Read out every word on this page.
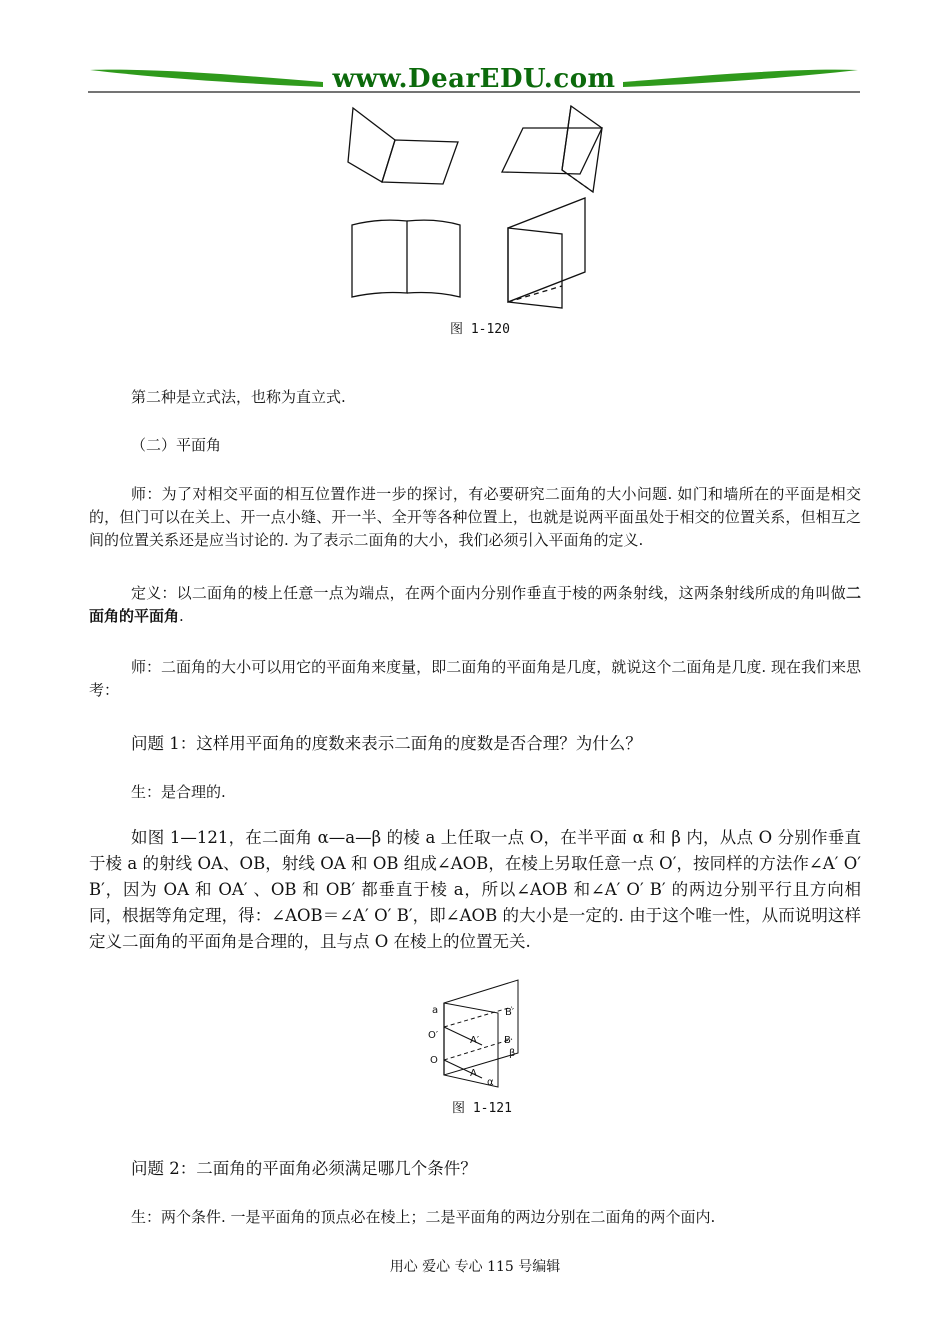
www.DearEDU.com
图 1-120
第二种是立式法，也称为直立式.
（二）平面角
师：为了对相交平面的相互位置作进一步的探讨，有必要研究二面角的大小问题. 如门和墙所在的平面是相交的，但门可以在关上、开一点小缝、开一半、全开等各种位置上，也就是说两平面虽处于相交的位置关系，但相互之间的位置关系还是应当讨论的. 为了表示二面角的大小，我们必须引入平面角的定义.
定义：以二面角的棱上任意一点为端点，在两个面内分别作垂直于棱的两条射线，这两条射线所成的角叫做二面角的平面角.
师：二面角的大小可以用它的平面角来度量，即二面角的平面角是几度，就说这个二面角是几度. 现在我们来思考：
问题 1：这样用平面角的度数来表示二面角的度数是否合理？为什么？
生：是合理的.
如图 1—121，在二面角 α—a—β 的棱 a 上任取一点 O，在半平面 α 和 β 内，从点 O 分别作垂直于棱 a 的射线 OA、OB，射线 OA 和 OB 组成∠AOB，在棱上另取任意一点 O′，按同样的方法作∠A′ O′ B′，因为 OA 和 OA′ 、OB 和 OB′ 都垂直于棱 a，所以∠AOB 和∠A′ O′ B′ 的两边分别平行且方向相同，根据等角定理，得：∠AOB＝∠A′ O′ B′，即∠AOB 的大小是一定的. 由于这个唯一性，从而说明这样定义二面角的平面角是合理的，且与点 O 在棱上的位置无关.
a
O′
O
A′
A
B′
B
β
α
图 1-121
问题 2：二面角的平面角必须满足哪几个条件？
生：两个条件. 一是平面角的顶点必在棱上；二是平面角的两边分别在二面角的两个面内.
用心 爱心 专心 115 号编辑
